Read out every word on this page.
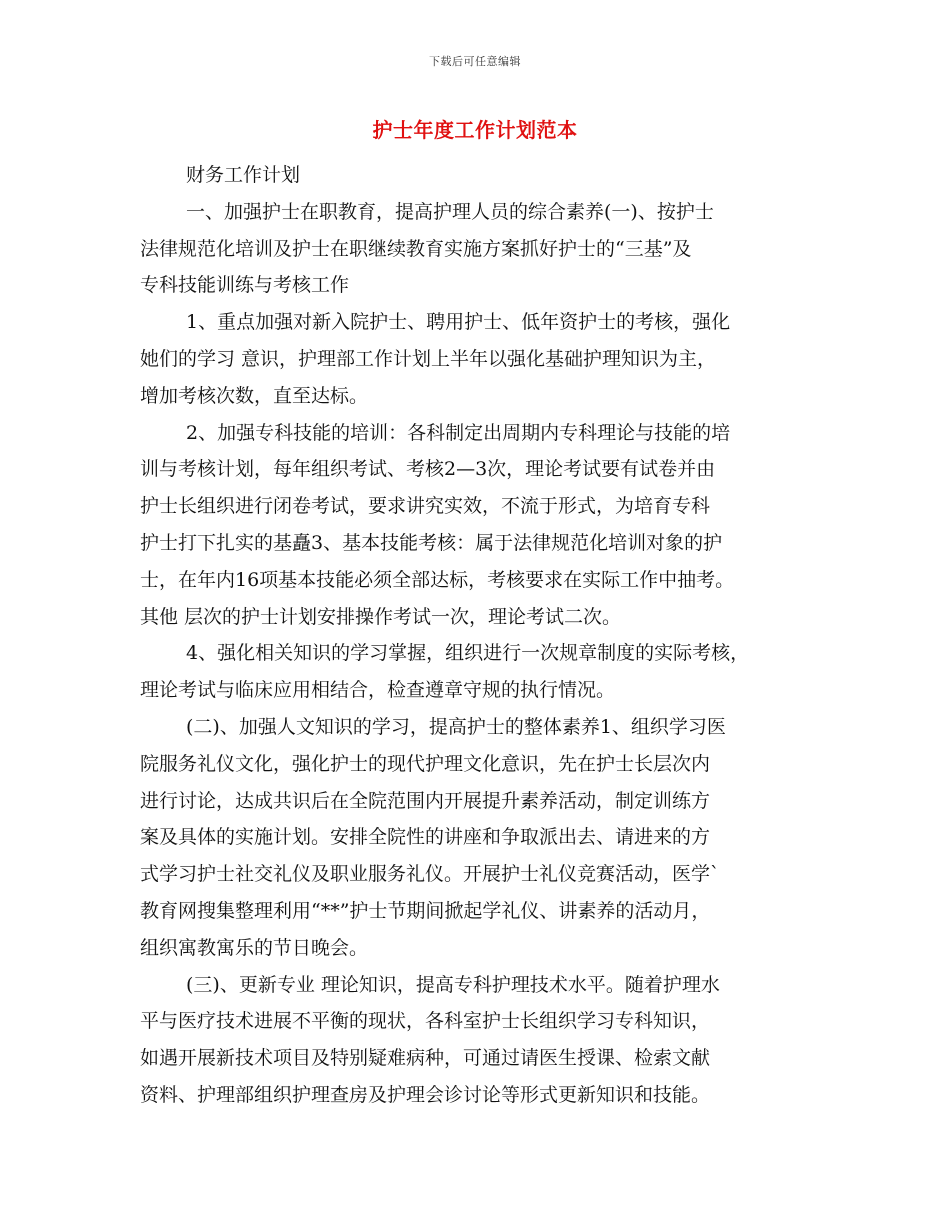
下载后可任意编辑
护士年度工作计划范本
财务工作计划
一、加强护士在职教育，提高护理人员的综合素养(一)、按护士
法律规范化培训及护士在职继续教育实施方案抓好护士的“三基”及
专科技能训练与考核工作
1、重点加强对新入院护士、聘用护士、低年资护士的考核，强化
她们的学习 意识，护理部工作计划上半年以强化基础护理知识为主，
增加考核次数，直至达标。
2、加强专科技能的培训：各科制定出周期内专科理论与技能的培
训与考核计划，每年组织考试、考核2—3次，理论考试要有试卷并由
护士长组织进行闭卷考试，要求讲究实效，不流于形式，为培育专科
护士打下扎实的基矗3、基本技能考核：属于法律规范化培训对象的护
士，在年内16项基本技能必须全部达标，考核要求在实际工作中抽考。
其他 层次的护士计划安排操作考试一次，理论考试二次。
4、强化相关知识的学习掌握，组织进行一次规章制度的实际考核，
理论考试与临床应用相结合，检查遵章守规的执行情况。
(二)、加强人文知识的学习，提高护士的整体素养1、组织学习医
院服务礼仪文化，强化护士的现代护理文化意识，先在护士长层次内
进行讨论，达成共识后在全院范围内开展提升素养活动，制定训练方
案及具体的实施计划。安排全院性的讲座和争取派出去、请进来的方
式学习护士社交礼仪及职业服务礼仪。开展护士礼仪竞赛活动，医学`
教育网搜集整理利用“**”护士节期间掀起学礼仪、讲素养的活动月，
组织寓教寓乐的节日晚会。
(三)、更新专业 理论知识，提高专科护理技术水平。随着护理水
平与医疗技术进展不平衡的现状，各科室护士长组织学习专科知识，
如遇开展新技术项目及特别疑难病种，可通过请医生授课、检索文献
资料、护理部组织护理查房及护理会诊讨论等形式更新知识和技能。
